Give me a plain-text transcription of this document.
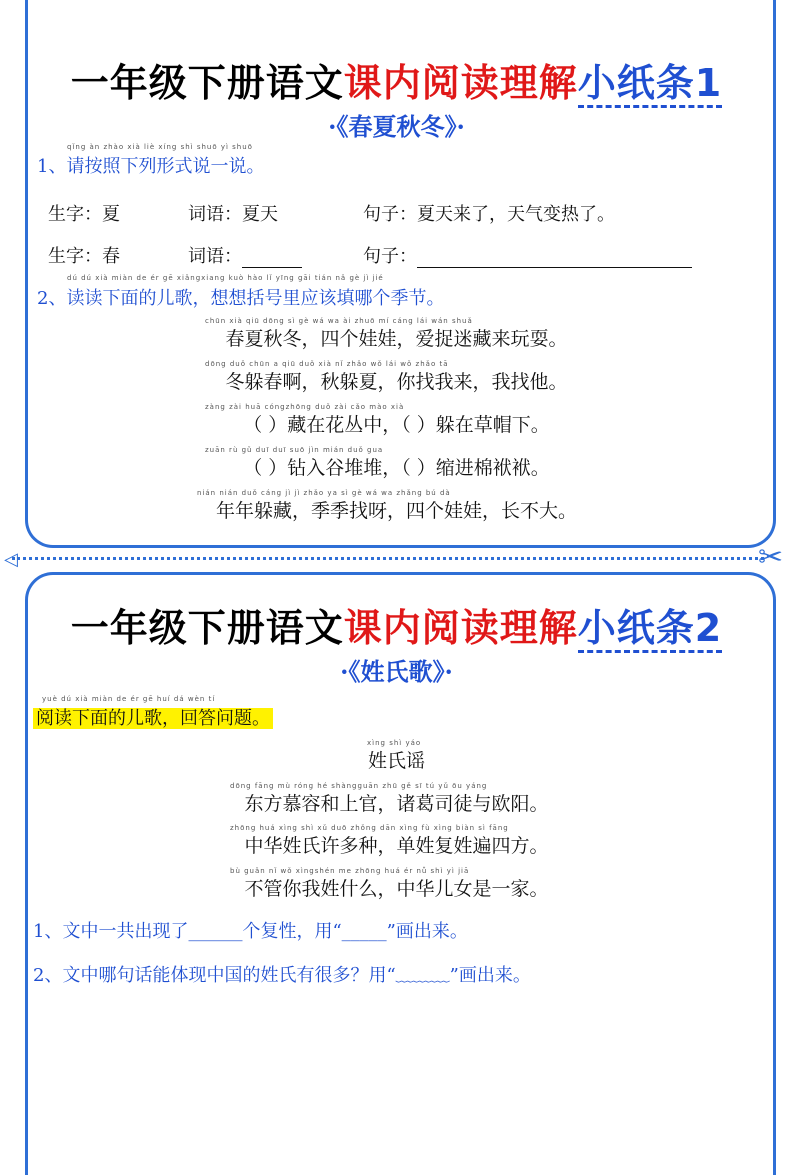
一年级下册语文课内阅读理解小纸条1
·《春夏秋冬》·
qǐng àn zhào xià liè xíng shì shuō yì shuō
1、请按照下列形式说一说。
生字：夏	词语：夏天	句子：夏天来了，天气变热了。
生字：春	词语：	句子：
dú dú xià miàn de ér gē xiǎngxiang kuò hào lǐ yīng gāi tián nǎ gè jì jié
2、读读下面的儿歌，想想括号里应该填哪个季节。
chūn xià qiū dōng sì gè wá wa ài zhuō mí cáng lái wán shuǎ
春夏秋冬，四个娃娃，爱捉迷藏来玩耍。
dōng duǒ chūn a qiū duǒ xià nǐ zhǎo wǒ lái wǒ zhǎo tā
冬躲春啊，秋躲夏，你找我来，我找他。
zàng zài huā cóngzhōng duǒ zài cǎo mào xià
（ ）藏在花丛中，（ ）躲在草帽下。
zuān rù gǔ duī duī suō jìn mián duǒ gua
（ ）钻入谷堆堆，（ ）缩进棉袱袱。
nián nián duǒ cáng jì jì zhǎo ya sì gè wá wa zhǎng bú dà
年年躲藏，季季找呀，四个娃娃，长不大。
◁	✂
一年级下册语文课内阅读理解小纸条2
·《姓氏歌》·
yuè dú xià miàn de ér gē huí dá wèn tí
阅读下面的儿歌，回答问题。
xìng shì yáo
姓氏谣
dōng fāng mù róng hé shàngguān zhū gě sī tú yǔ ōu yáng
东方慕容和上官，诸葛司徒与欧阳。
zhōng huá xìng shì xǔ duō zhǒng dān xìng fù xìng biàn sì fāng
中华姓氏许多种，单姓复姓遍四方。
bù guǎn nǐ wǒ xìngshén me zhōng huá ér nǚ shì yì jiā
不管你我姓什么，中华儿女是一家。
1、文中一共出现了______个复性，用“_____”画出来。
2、文中哪句话能体现中国的姓氏有很多？用“﹏﹏﹏”画出来。
